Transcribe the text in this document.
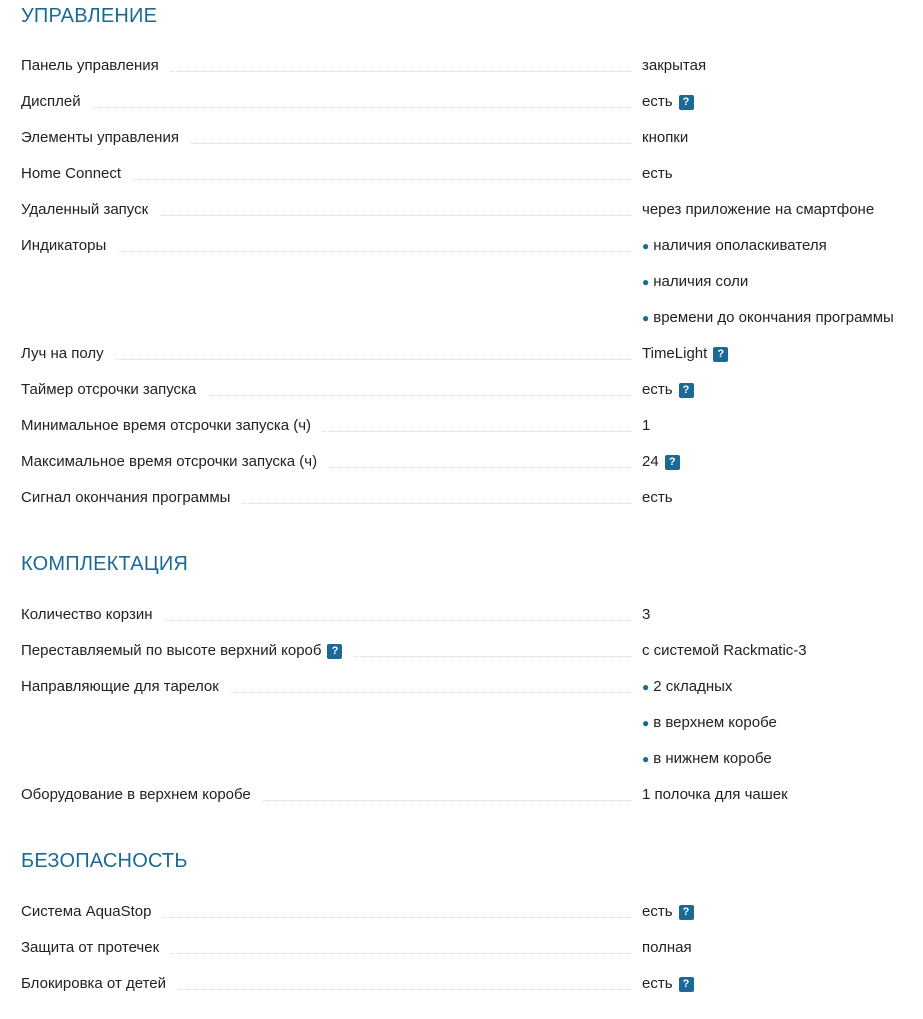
УПРАВЛЕНИЕ
Панель управления	закрытая
Дисплей	есть ?
Элементы управления	кнопки
Home Connect	есть
Удаленный запуск	через приложение на смартфоне
Индикаторы	● наличия ополаскивателя
● наличия соли
● времени до окончания программы
Луч на полу	TimeLight ?
Таймер отсрочки запуска	есть ?
Минимальное время отсрочки запуска (ч)	1
Максимальное время отсрочки запуска (ч)	24 ?
Сигнал окончания программы	есть
КОМПЛЕКТАЦИЯ
Количество корзин	3
Переставляемый по высоте верхний короб ?	с системой Rackmatic-3
Направляющие для тарелок	● 2 складных
● в верхнем коробе
● в нижнем коробе
Оборудование в верхнем коробе	1 полочка для чашек
БЕЗОПАСНОСТЬ
Система AquaStop	есть ?
Защита от протечек	полная
Блокировка от детей	есть ?
